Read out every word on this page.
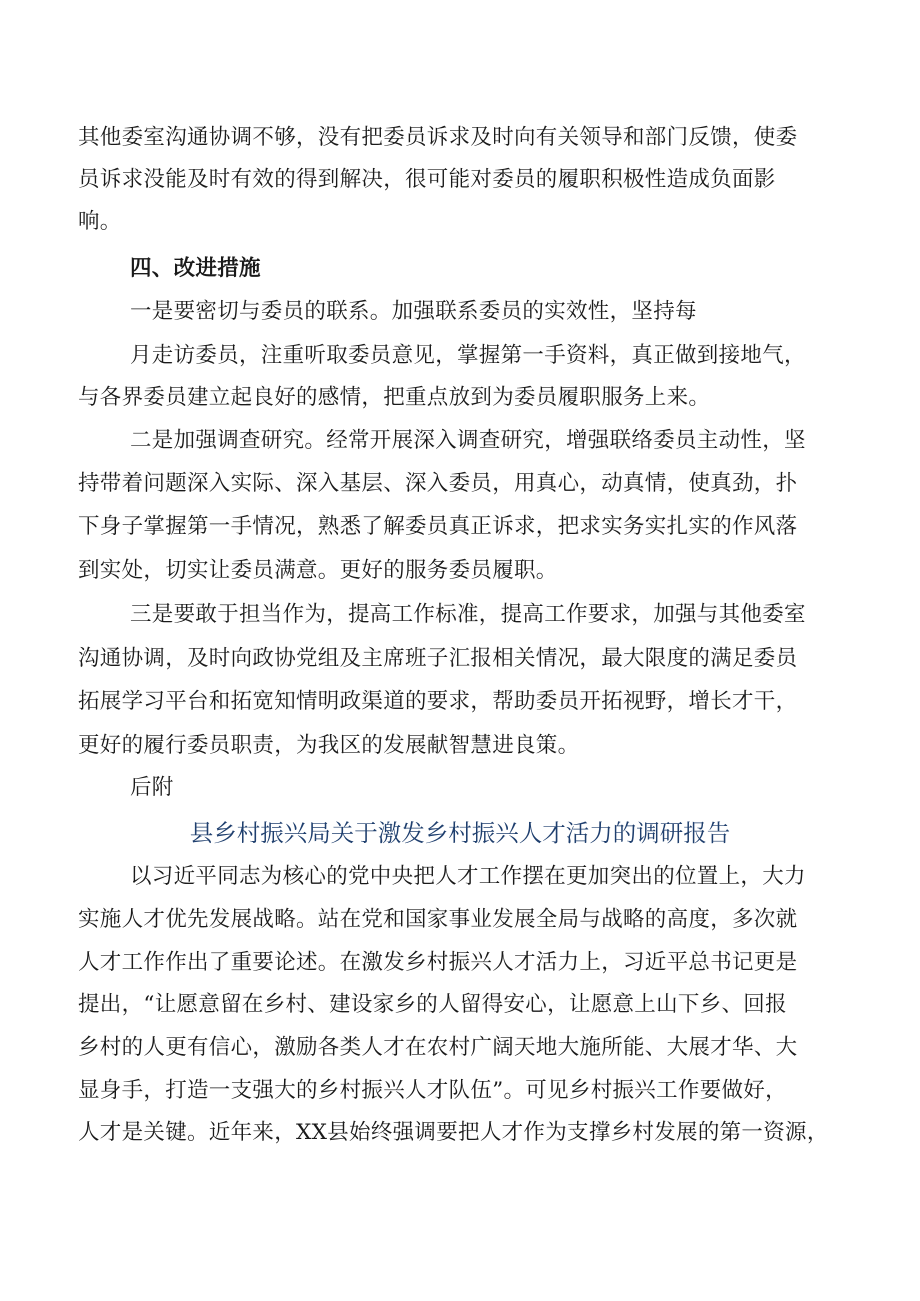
其他委室沟通协调不够，没有把委员诉求及时向有关领导和部门反馈，使委
员诉求没能及时有效的得到解决，很可能对委员的履职积极性造成负面影
响。
四、改进措施
一是要密切与委员的联系。加强联系委员的实效性，坚持每
月走访委员，注重听取委员意见，掌握第一手资料，真正做到接地气，
与各界委员建立起良好的感情，把重点放到为委员履职服务上来。
二是加强调查研究。经常开展深入调查研究，增强联络委员主动性，坚
持带着问题深入实际、深入基层、深入委员，用真心，动真情，使真劲，扑
下身子掌握第一手情况，熟悉了解委员真正诉求，把求实务实扎实的作风落
到实处，切实让委员满意。更好的服务委员履职。
三是要敢于担当作为，提高工作标准，提高工作要求，加强与其他委室
沟通协调，及时向政协党组及主席班子汇报相关情况，最大限度的满足委员
拓展学习平台和拓宽知情明政渠道的要求，帮助委员开拓视野，增长才干，
更好的履行委员职责，为我区的发展献智慧进良策。
后附
县乡村振兴局关于激发乡村振兴人才活力的调研报告
以习近平同志为核心的党中央把人才工作摆在更加突出的位置上，大力
实施人才优先发展战略。站在党和国家事业发展全局与战略的高度，多次就
人才工作作出了重要论述。在激发乡村振兴人才活力上，习近平总书记更是
提出，“让愿意留在乡村、建设家乡的人留得安心，让愿意上山下乡、回报
乡村的人更有信心，激励各类人才在农村广阔天地大施所能、大展才华、大
显身手，打造一支强大的乡村振兴人才队伍”。可见乡村振兴工作要做好，
人才是关键。近年来，XX县始终强调要把人才作为支撑乡村发展的第一资源，
